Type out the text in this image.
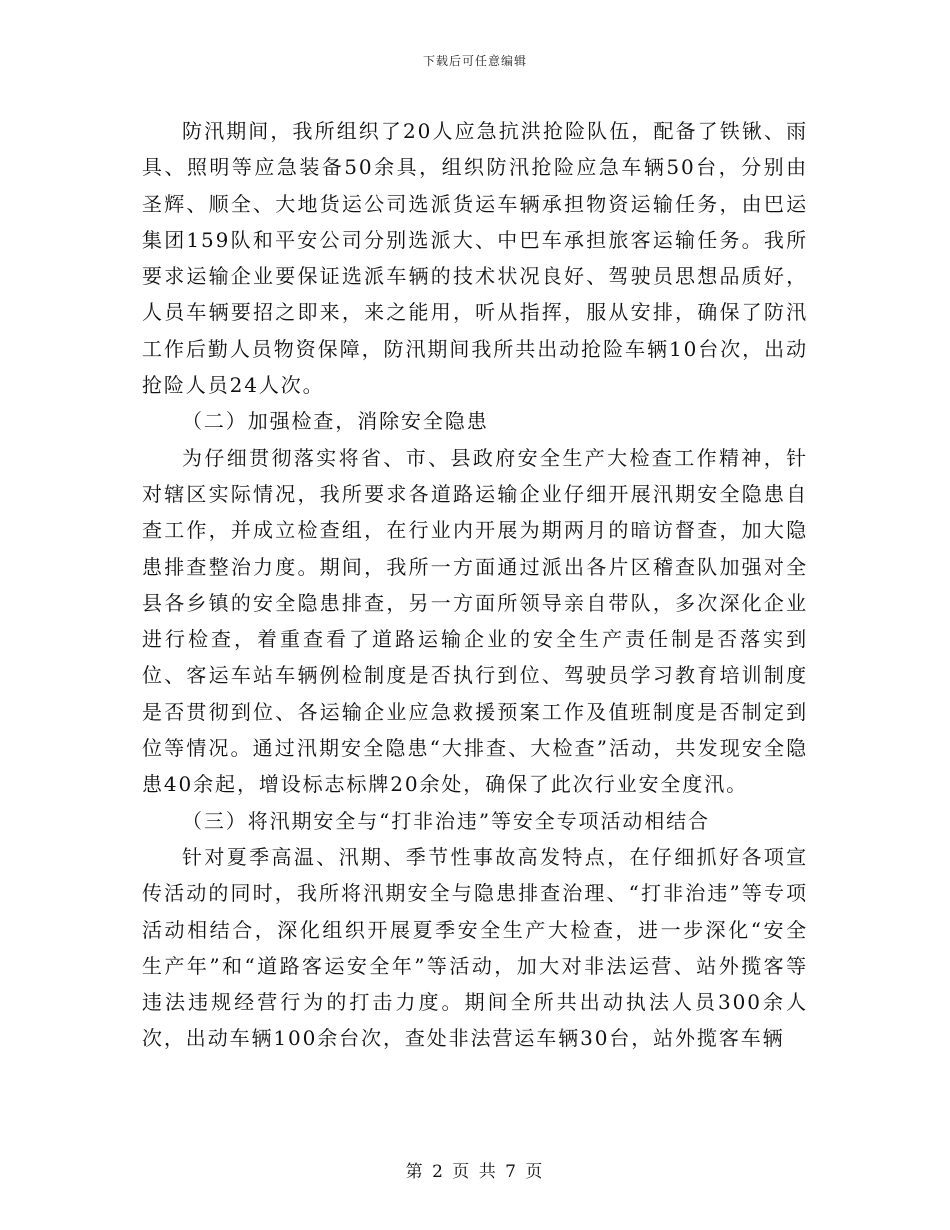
下载后可任意编辑

防汛期间，我所组织了20人应急抗洪抢险队伍，配备了铁锹、雨具、照明等应急装备50余具，组织防汛抢险应急车辆50台，分别由圣辉、顺全、大地货运公司选派货运车辆承担物资运输任务，由巴运集团159队和平安公司分别选派大、中巴车承担旅客运输任务。我所要求运输企业要保证选派车辆的技术状况良好、驾驶员思想品质好，人员车辆要招之即来，来之能用，听从指挥，服从安排，确保了防汛工作后勤人员物资保障，防汛期间我所共出动抢险车辆10台次，出动抢险人员24人次。

（二）加强检查，消除安全隐患

为仔细贯彻落实将省、市、县政府安全生产大检查工作精神，针对辖区实际情况，我所要求各道路运输企业仔细开展汛期安全隐患自查工作，并成立检查组，在行业内开展为期两月的暗访督查，加大隐患排查整治力度。期间，我所一方面通过派出各片区稽查队加强对全县各乡镇的安全隐患排查，另一方面所领导亲自带队，多次深化企业进行检查，着重查看了道路运输企业的安全生产责任制是否落实到位、客运车站车辆例检制度是否执行到位、驾驶员学习教育培训制度是否贯彻到位、各运输企业应急救援预案工作及值班制度是否制定到位等情况。通过汛期安全隐患“大排查、大检查”活动，共发现安全隐患40余起，增设标志标牌20余处，确保了此次行业安全度汛。

（三）将汛期安全与“打非治违”等安全专项活动相结合

针对夏季高温、汛期、季节性事故高发特点，在仔细抓好各项宣传活动的同时，我所将汛期安全与隐患排查治理、“打非治违”等专项活动相结合，深化组织开展夏季安全生产大检查，进一步深化“安全生产年”和“道路客运安全年”等活动，加大对非法运营、站外揽客等违法违规经营行为的打击力度。期间全所共出动执法人员300余人次，出动车辆100余台次，查处非法营运车辆30台，站外揽客车辆

第 2 页 共 7 页
